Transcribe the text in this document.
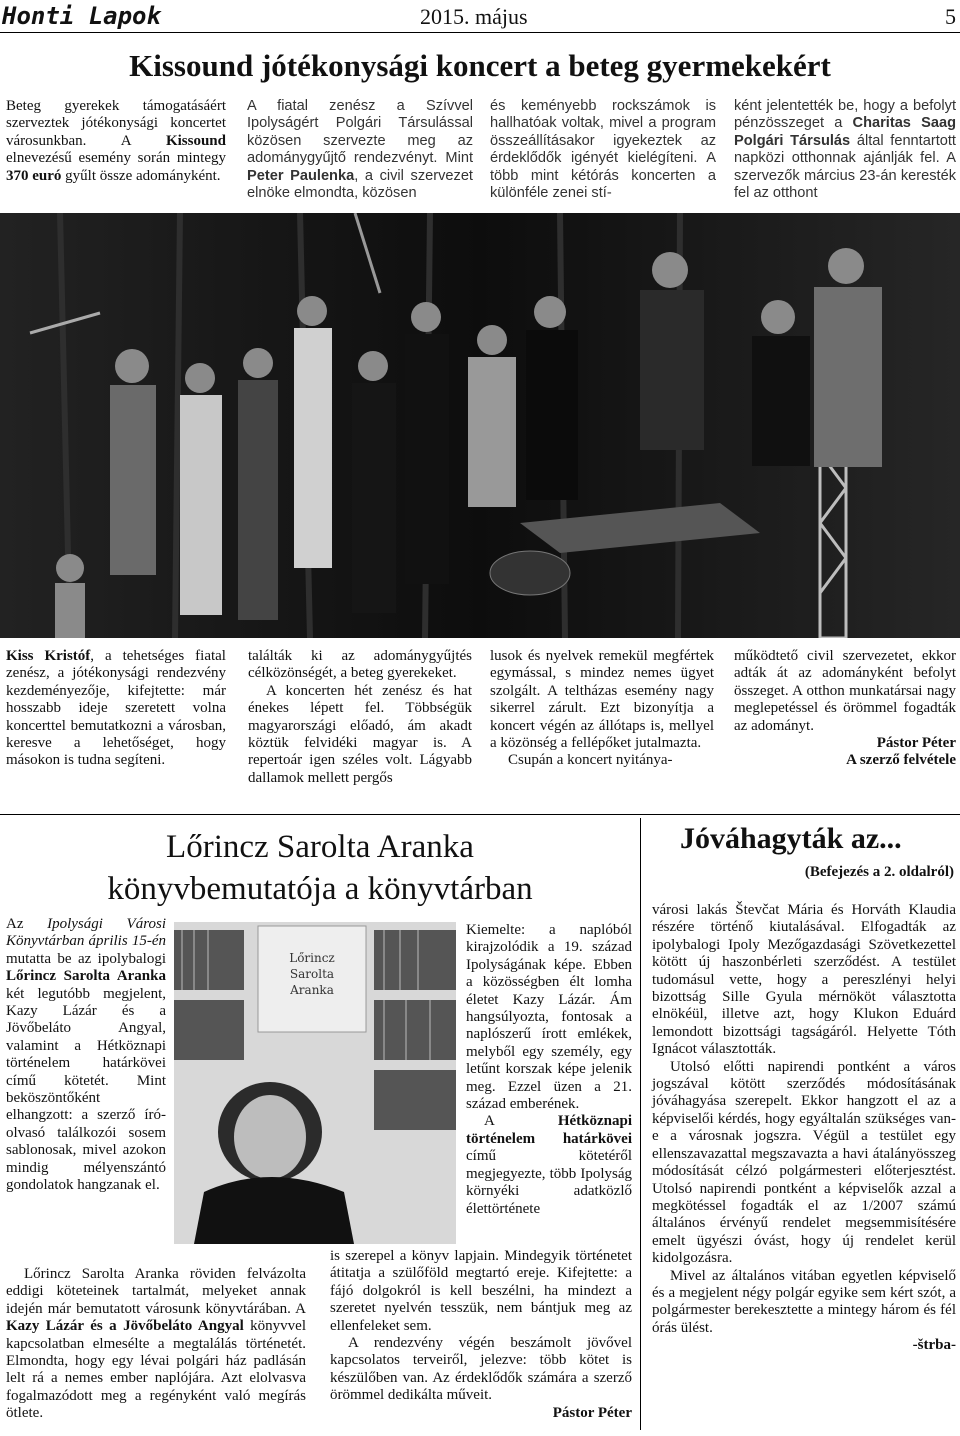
Honti Lapok	2015. május	5
Kissound jótékonysági koncert a beteg gyermekekért
Beteg gyerekek támogatásáért szerveztek jótékonysági koncertet városunkban. A Kissound elnevezésű esemény során mintegy 370 euró gyűlt össze adományként.
A fiatal zenész a Szívvel Ipolyságért Polgári Társulással közösen szervezte meg az adománygyűjtő rendezvényt. Mint Peter Paulenka, a civil szervezet elnöke elmondta, közösen
és keményebb rockszámok is hallhatóak voltak, mivel a program összeállításakor igyekeztek az érdeklődők igényét kielégíteni. A több mint kétórás koncerten a különféle zenei stí-
ként jelentették be, hogy a befolyt pénzösszeget a Charitas Saag Polgári Társulás által fenntartott napközi otthonnak ajánlják fel. A szervezők március 23-án keresték fel az otthont
Kiss Kristóf, a tehetséges fiatal zenész, a jótékonysági rendezvény kezdeményezője, kifejtette: már hosszabb ideje szeretett volna koncerttel bemutatkozni a városban, keresve a lehetőséget, hogy másokon is tudna segíteni.

találták ki az adománygyűjtés célközönségét, a beteg gyerekeket.

A koncerten hét zenész és hat énekes lépett fel. Többségük magyarországi előadó, ám akadt köztük felvidéki magyar is. A repertoár igen széles volt. Lágyabb dallamok mellett pergős

lusok és nyelvek remekül megfértek egymással, s mindez nemes ügyet szolgált. A teltházas esemény nagy sikerrel zárult. Ezt bizonyítja a koncert végén az állótaps is, mellyel a közönség a fellépőket jutalmazta.

Csupán a koncert nyitánya-

működtető civil szervezetet, ekkor adták át az adományként befolyt összeget. A otthon munkatársai nagy meglepetéssel és örömmel fogadták az adományt.

Pástor Péter

A szerző felvétele

Lőrincz Sarolta Aranka
könyvbemutatója a könyvtárban
Az Ipolysági Városi Könyvtárban április 15-én mutatta be az ipolybalogi Lőrincz Sarolta Aranka két legutóbb megjelent, Kazy Lázár és a Jövőbeláto Angyal, valamint a Hétköznapi történelem határkövei című kötetét. Mint beköszöntőként elhangzott: a szerző író-olvasó találkozói sosem sablonosak, mivel azokon mindig mélyenszántó gondolatok hangzanak el.
Lőrincz
Sarolta
Aranka

Kiemelte: a naplóból kirajzolódik a 19. század Ipolyságának képe. Ebben a közösségben élt lomha életet Kazy Lázár. Ám hangsúlyozta, fontosak a naplószerű írott emlékek, melyből egy személy, egy letűnt korszak képe jelenik meg. Ezzel üzen a 21. század emberének.

A Hétköznapi történelem határkövei című kötetéről megjegyezte, több Ipolyság környéki adatközlő élettörténete

Lőrincz Sarolta Aranka röviden felvázolta eddigi köteteinek tartalmát, melyeket annak idején már bemutatott városunk könyvtárában. A Kazy Lázár és a Jövőbeláto Angyal könyvvel kapcsolatban elmesélte a megtalálás történetét. Elmondta, hogy egy lévai polgári ház padlásán lelt rá a nemes ember naplójára. Azt elolvasva fogalmazódott meg a regényként való megírás ötlete.

is szerepel a könyv lapjain. Mindegyik történetet átitatja a szülőföld megtartó ereje. Kifejtette: a fájó dolgokról is kell beszélni, ha mindezt a szeretet nyelvén tesszük, nem bántjuk meg az ellenfeleket sem.

A rendezvény végén beszámolt jövővel kapcsolatos terveiről, jelezve: több kötet is készülőben van. Az érdeklődők számára a szerző örömmel dedikálta műveit.

Pástor Péter

Jóváhagyták az...
(Befejezés a 2. oldalról)

városi lakás Števčat Mária és Horváth Klaudia részére történő kiutalásával. Elfogadták az ipolybalogi Ipoly Mezőgazdasági Szövetkezettel kötött új haszonbérleti szerződést. A testület tudomásul vette, hogy a pereszlényi helyi bizottság Sille Gyula mérnököt választotta elnökéül, illetve azt, hogy Klukon Eduárd lemondott bizottsági tagságáról. Helyette Tóth Ignácot választották.

Utolsó előtti napirendi pontként a város jogszával kötött szerződés módosításának jóváhagyása szerepelt. Ekkor hangzott el az a képviselői kérdés, hogy egyáltalán szükséges van-e a városnak jogszra. Végül a testület egy ellenszavazattal megszavazta a havi átalányösszeg módosítását célzó polgármesteri előterjesztést. Utolsó napirendi pontként a képviselők azzal a megkötéssel fogadták el az 1/2007 számú általános érvényű rendelet megsemmisítésére emelt ügyészi óvást, hogy új rendelet kerül kidolgozásra.

Mivel az általános vitában egyetlen képviselő és a megjelent négy polgár egyike sem kért szót, a polgármester berekesztette a mintegy három és fél órás ülést.

-štrba-
